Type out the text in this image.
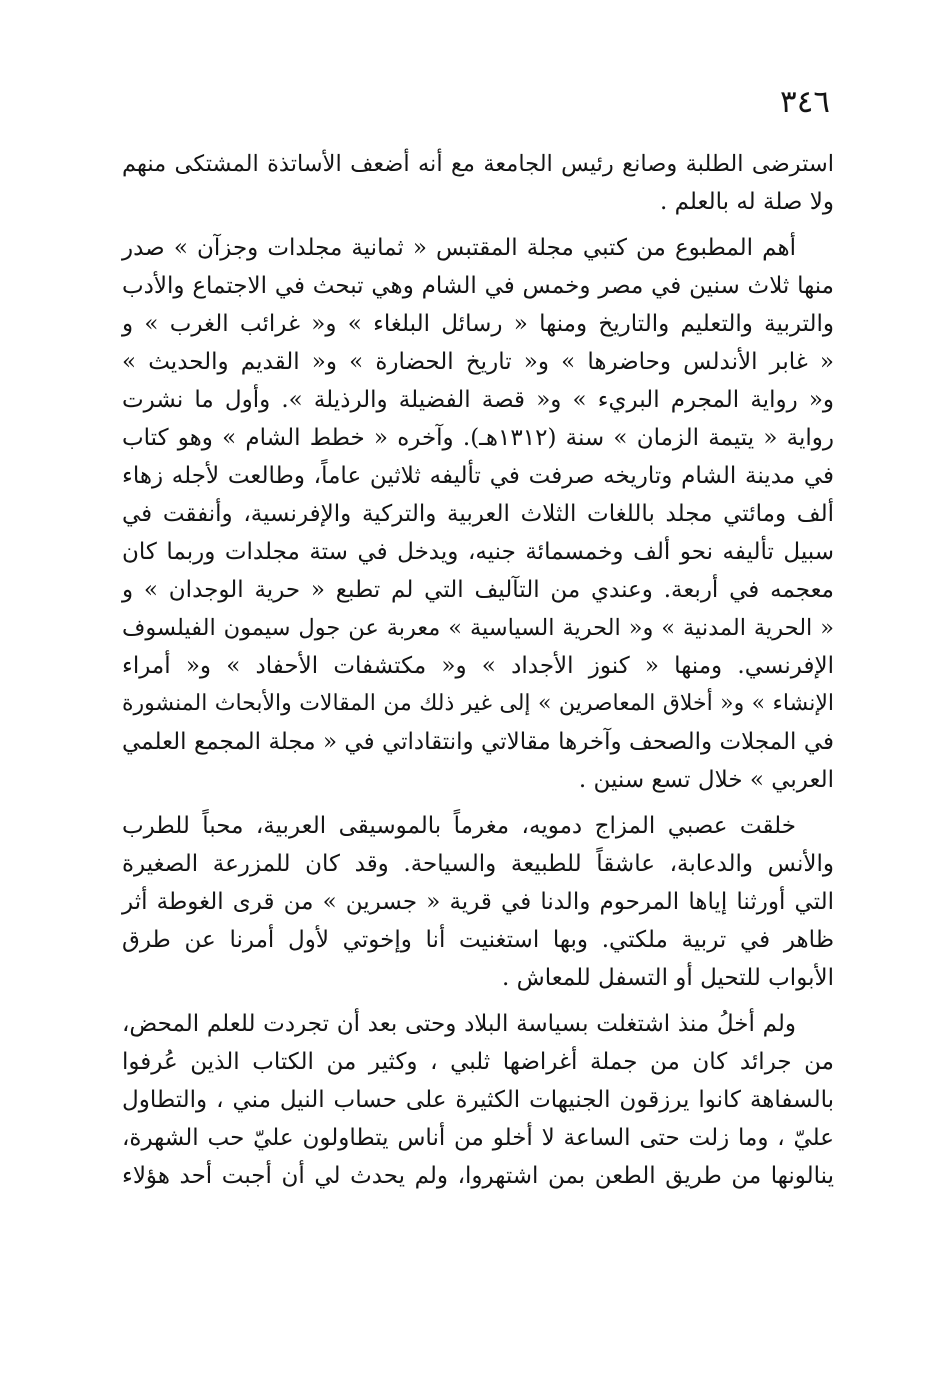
٣٤٦
استرضى الطلبة وصانع رئيس الجامعة مع أنه أضعف الأساتذة المشتكى منهم
ولا صلة له بالعلم .
أهم المطبوع من كتبي مجلة المقتبس « ثمانية مجلدات وجزآن » صدر
منها ثلاث سنين في مصر وخمس في الشام وهي تبحث في الاجتماع والأدب
والتربية والتعليم والتاريخ ومنها « رسائل البلغاء » و« غرائب الغرب » و
« غابر الأندلس وحاضرها » و« تاريخ الحضارة » و« القديم والحديث »
و« رواية المجرم البريء » و« قصة الفضيلة والرذيلة ». وأول ما نشرت
رواية « يتيمة الزمان » سنة (١٣١٢هـ). وآخره « خطط الشام » وهو كتاب
في مدينة الشام وتاريخه صرفت في تأليفه ثلاثين عاماً، وطالعت لأجله زهاء
ألف ومائتي مجلد باللغات الثلاث العربية والتركية والإفرنسية، وأنفقت في
سبيل تأليفه نحو ألف وخمسمائة جنيه، ويدخل في ستة مجلدات وربما كان
معجمه في أربعة. وعندي من التآليف التي لم تطبع « حرية الوجدان » و
« الحرية المدنية » و« الحرية السياسية » معربة عن جول سيمون الفيلسوف
الإفرنسي. ومنها « كنوز الأجداد » و« مكتشفات الأحفاد » و« أمراء
الإنشاء » و« أخلاق المعاصرين » إلى غير ذلك من المقالات والأبحاث المنشورة
في المجلات والصحف وآخرها مقالاتي وانتقاداتي في « مجلة المجمع العلمي
العربي » خلال تسع سنين .
خلقت عصبي المزاج دمويه، مغرماً بالموسيقى العربية، محباً للطرب
والأنس والدعابة، عاشقاً للطبيعة والسياحة. وقد كان للمزرعة الصغيرة
التي أورثنا إياها المرحوم والدنا في قرية « جسرين » من قرى الغوطة أثر
ظاهر في تربية ملكتي. وبها استغنيت أنا وإخوتي لأول أمرنا عن طرق
الأبواب للتحيل أو التسفل للمعاش .
ولم أخلُ منذ اشتغلت بسياسة البلاد وحتى بعد أن تجردت للعلم المحض،
من جرائد كان من جملة أغراضها ثلبي ، وكثير من الكتاب الذين عُرفوا
بالسفاهة كانوا يرزقون الجنيهات الكثيرة على حساب النيل مني ، والتطاول
عليّ ، وما زلت حتى الساعة لا أخلو من أناس يتطاولون عليّ حب الشهرة،
ينالونها من طريق الطعن بمن اشتهروا، ولم يحدث لي أن أجبت أحد هؤلاء
